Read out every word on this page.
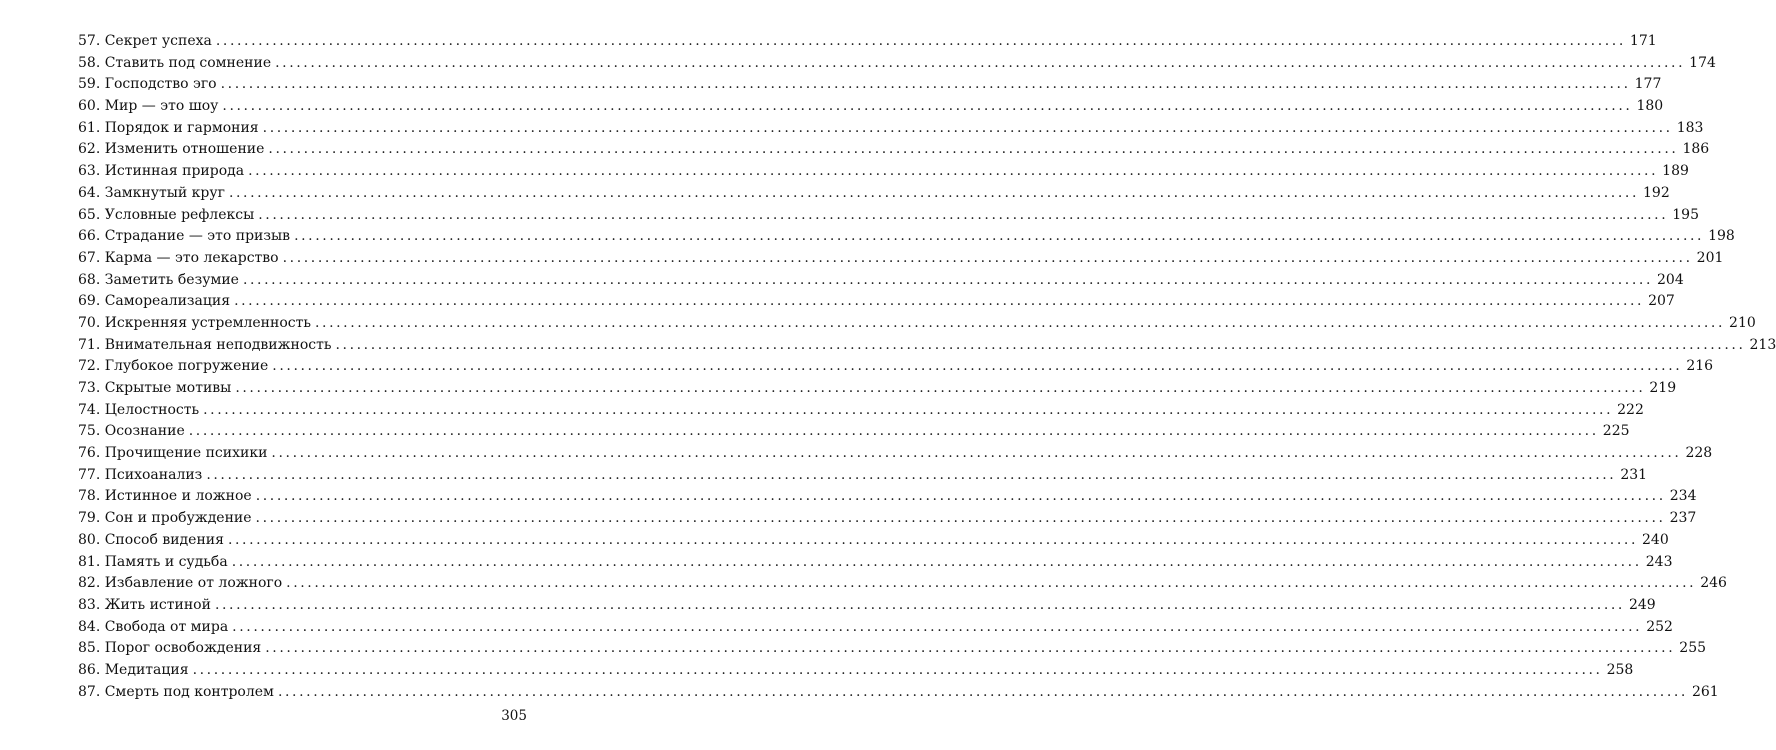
57. Секрет успеха ........................................................................................................................................................................................................ 171
58. Ставить под сомнение ........................................................................................................................................................................................................ 174
59. Господство эго ........................................................................................................................................................................................................ 177
60. Мир — это шоу ........................................................................................................................................................................................................ 180
61. Порядок и гармония ........................................................................................................................................................................................................ 183
62. Изменить отношение ........................................................................................................................................................................................................ 186
63. Истинная природа ........................................................................................................................................................................................................ 189
64. Замкнутый круг ........................................................................................................................................................................................................ 192
65. Условные рефлексы ........................................................................................................................................................................................................ 195
66. Страдание — это призыв ........................................................................................................................................................................................................ 198
67. Карма — это лекарство ........................................................................................................................................................................................................ 201
68. Заметить безумие ........................................................................................................................................................................................................ 204
69. Самореализация ........................................................................................................................................................................................................ 207
70. Искренняя устремленность ........................................................................................................................................................................................................ 210
71. Внимательная неподвижность ........................................................................................................................................................................................................ 213
72. Глубокое погружение ........................................................................................................................................................................................................ 216
73. Скрытые мотивы ........................................................................................................................................................................................................ 219
74. Целостность ........................................................................................................................................................................................................ 222
75. Осознание ........................................................................................................................................................................................................ 225
76. Прочищение психики ........................................................................................................................................................................................................ 228
77. Психоанализ ........................................................................................................................................................................................................ 231
78. Истинное и ложное ........................................................................................................................................................................................................ 234
79. Сон и пробуждение ........................................................................................................................................................................................................ 237
80. Способ видения ........................................................................................................................................................................................................ 240
81. Память и судьба ........................................................................................................................................................................................................ 243
82. Избавление от ложного ........................................................................................................................................................................................................ 246
83. Жить истиной ........................................................................................................................................................................................................ 249
84. Свобода от мира ........................................................................................................................................................................................................ 252
85. Порог освобождения ........................................................................................................................................................................................................ 255
86. Медитация ........................................................................................................................................................................................................ 258
87. Смерть под контролем ........................................................................................................................................................................................................ 261
305
